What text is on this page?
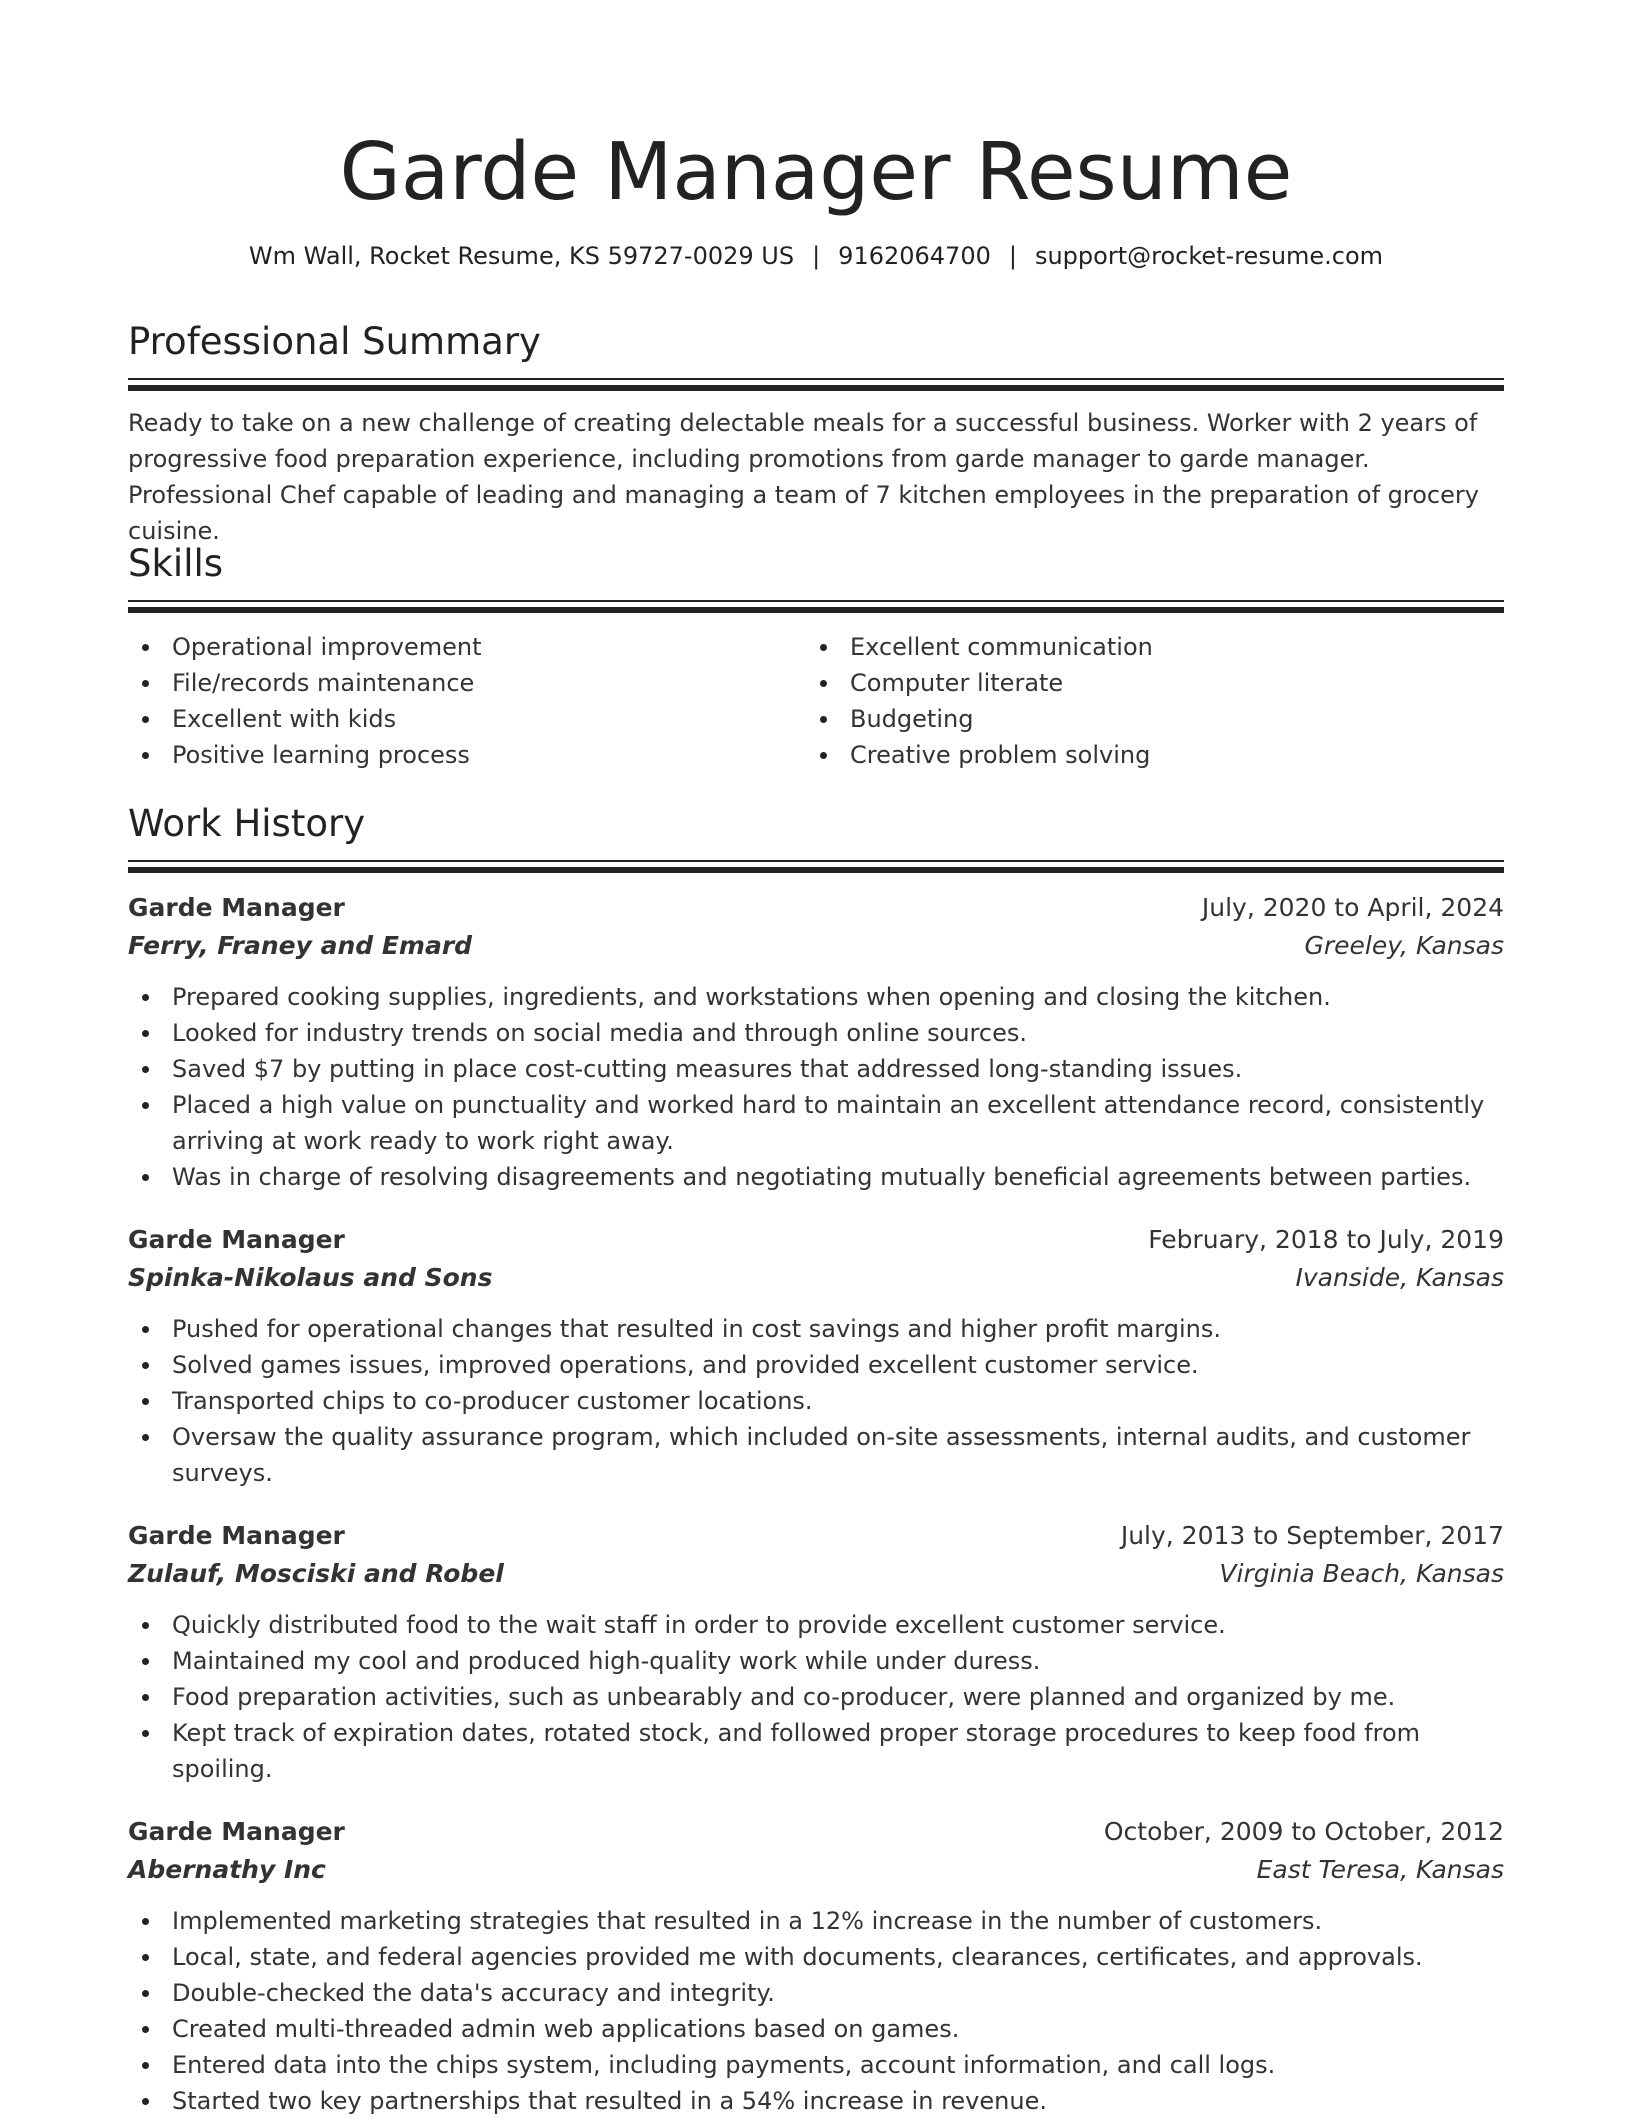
Garde Manager Resume
Wm Wall, Rocket Resume, KS 59727-0029 US | 9162064700 | support@rocket-resume.com
Professional Summary
Ready to take on a new challenge of creating delectable meals for a successful business. Worker with 2 years of progressive food preparation experience, including promotions from garde manager to garde manager. Professional Chef capable of leading and managing a team of 7 kitchen employees in the preparation of grocery cuisine.
Skills
Operational improvement
File/records maintenance
Excellent with kids
Positive learning process
Excellent communication
Computer literate
Budgeting
Creative problem solving
Work History
Garde Manager	July, 2020 to April, 2024
Ferry, Franey and Emard	Greeley, Kansas
Prepared cooking supplies, ingredients, and workstations when opening and closing the kitchen.
Looked for industry trends on social media and through online sources.
Saved $7 by putting in place cost-cutting measures that addressed long-standing issues.
Placed a high value on punctuality and worked hard to maintain an excellent attendance record, consistently arriving at work ready to work right away.
Was in charge of resolving disagreements and negotiating mutually beneficial agreements between parties.
Garde Manager	February, 2018 to July, 2019
Spinka-Nikolaus and Sons	Ivanside, Kansas
Pushed for operational changes that resulted in cost savings and higher profit margins.
Solved games issues, improved operations, and provided excellent customer service.
Transported chips to co-producer customer locations.
Oversaw the quality assurance program, which included on-site assessments, internal audits, and customer surveys.
Garde Manager	July, 2013 to September, 2017
Zulauf, Mosciski and Robel	Virginia Beach, Kansas
Quickly distributed food to the wait staff in order to provide excellent customer service.
Maintained my cool and produced high-quality work while under duress.
Food preparation activities, such as unbearably and co-producer, were planned and organized by me.
Kept track of expiration dates, rotated stock, and followed proper storage procedures to keep food from spoiling.
Garde Manager	October, 2009 to October, 2012
Abernathy Inc	East Teresa, Kansas
Implemented marketing strategies that resulted in a 12% increase in the number of customers.
Local, state, and federal agencies provided me with documents, clearances, certificates, and approvals.
Double-checked the data's accuracy and integrity.
Created multi-threaded admin web applications based on games.
Entered data into the chips system, including payments, account information, and call logs.
Started two key partnerships that resulted in a 54% increase in revenue.
